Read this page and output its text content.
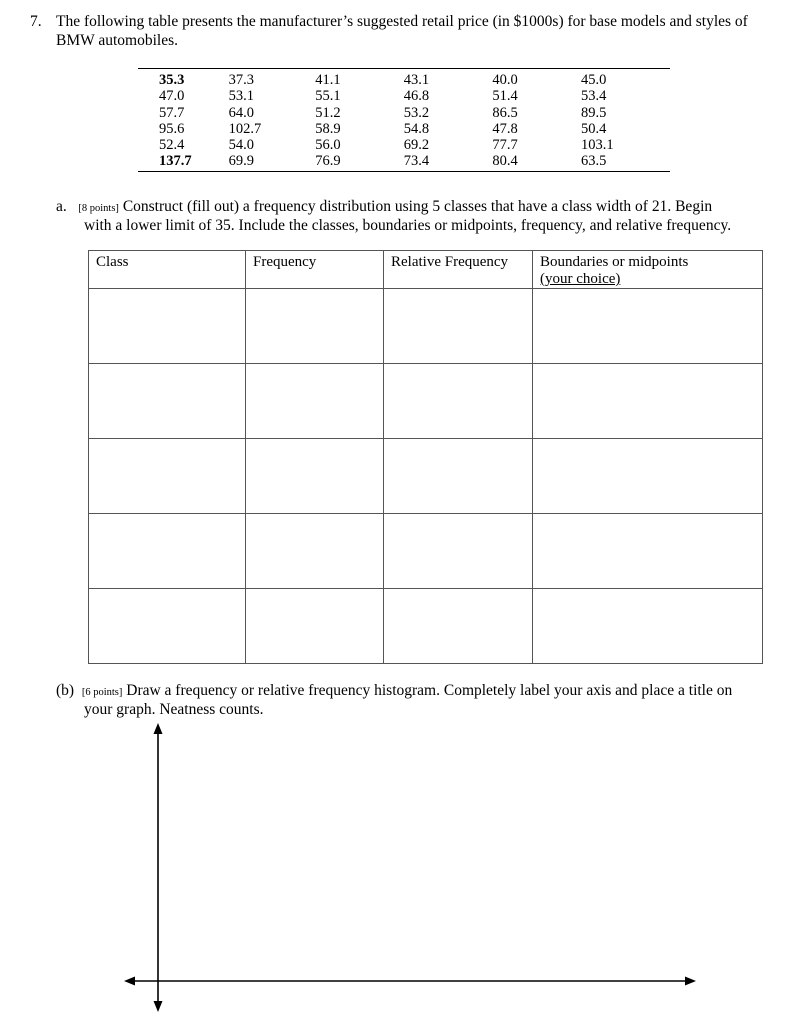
7. The following table presents the manufacturer’s suggested retail price (in $1000s) for base models and styles of
BMW automobiles.
35.3	37.3	41.1	43.1	40.0	45.0
47.0	53.1	55.1	46.8	51.4	53.4
57.7	64.0	51.2	53.2	86.5	89.5
95.6	102.7	58.9	54.8	47.8	50.4
52.4	54.0	56.0	69.2	77.7	103.1
137.7	69.9	76.9	73.4	80.4	63.5
a. [8 points] Construct (fill out) a frequency distribution using 5 classes that have a class width of 21. Begin
with a lower limit of 35. Include the classes, boundaries or midpoints, frequency, and relative frequency.
Class	Frequency	Relative Frequency	Boundaries or midpoints
(your choice)

(b) [6 points] Draw a frequency or relative frequency histogram. Completely label your axis and place a title on
your graph. Neatness counts.
